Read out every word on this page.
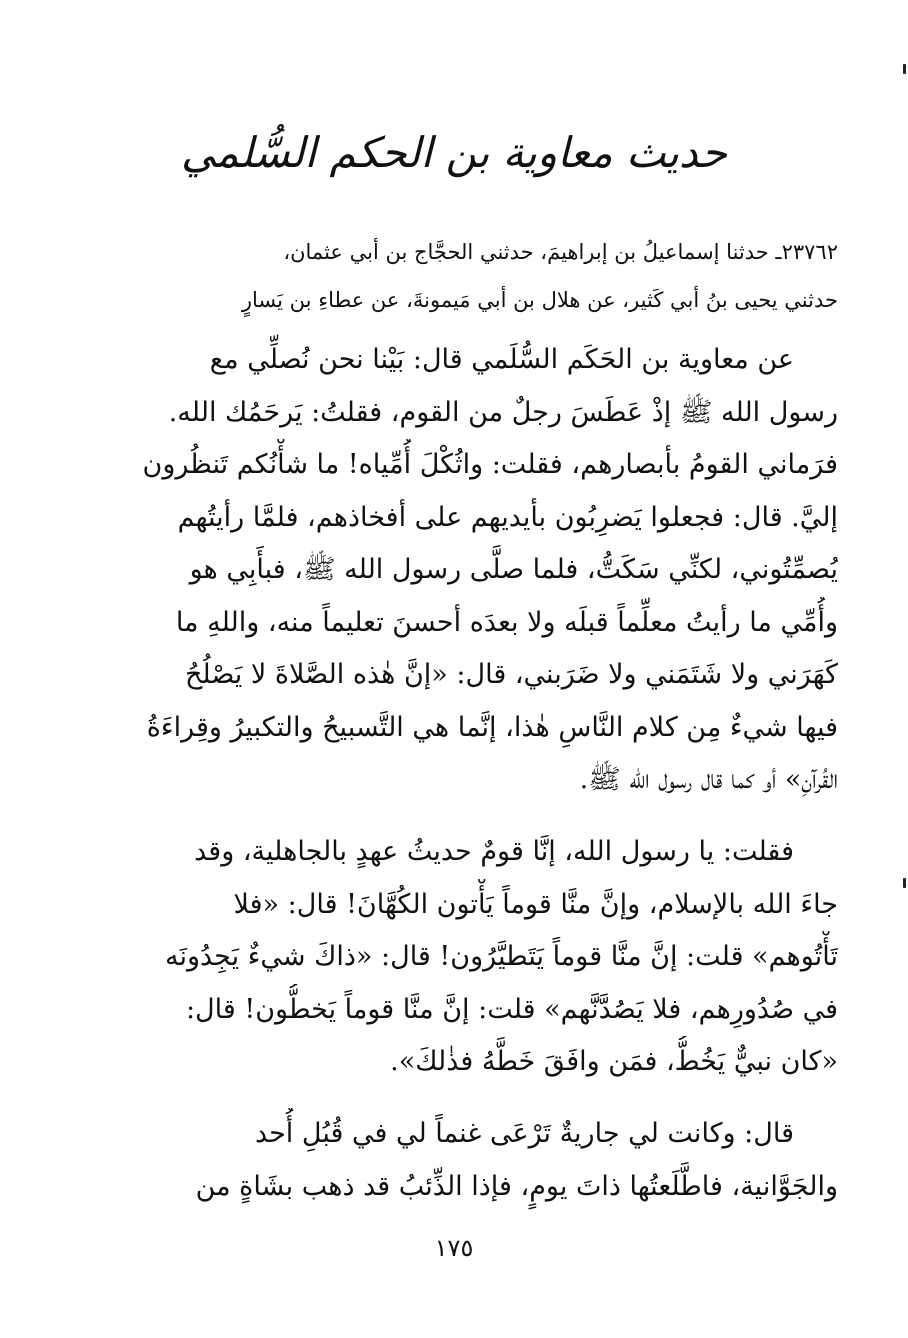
حديث معاوية بن الحكم السُّلمي
٢٣٧٦٢ـ حدثنا إسماعيلُ بن إبراهيمَ، حدثني الحجَّاج بن أبي عثمان،
حدثني يحيى بنُ أبي كَثير، عن هلال بن أبي مَيمونةَ، عن عطاءِ بن يَسارٍ
عن معاوية بن الحَكَم السُّلَمي قال: بَيْنا نحن نُصلِّي مع
رسول الله ﷺ إذْ عَطَسَ رجلٌ من القوم، فقلتُ: يَرحَمُك الله.
فرَماني القومُ بأبصارهم، فقلت: واثُكْلَ أُمِّياه! ما شأْنُكم تَنظُرون
إليَّ. قال: فجعلوا يَضرِبُون بأيديهم على أفخاذهم، فلمَّا رأيتُهم
يُصمِّتُوني، لكنِّي سَكَتُّ، فلما صلَّى رسول الله ﷺ، فبأَبِي هو
وأُمِّي ما رأيتُ معلِّماً قبلَه ولا بعدَه أحسنَ تعليماً منه، واللهِ ما
كَهَرَني ولا شَتَمَني ولا ضَرَبني، قال: «إنَّ هٰذه الصَّلاةَ لا يَصْلُحُ
فيها شيءٌ مِن كلام النَّاسِ هٰذا، إنَّما هي التَّسبيحُ والتكبيرُ وقِراءَةُ
القُرآنِ» أو كما قال رسول الله ﷺ.
فقلت: يا رسول الله، إنَّا قومٌ حديثُ عهدٍ بالجاهلية، وقد
جاءَ الله بالإسلام، وإنَّ منَّا قوماً يَأْتون الكُهَّانَ! قال: «فلا
تَأْتُوهم» قلت: إنَّ منَّا قوماً يَتَطيَّرُون! قال: «ذاكَ شيءٌ يَجِدُونَه
في صُدُورِهم، فلا يَصُدَّنَّهم» قلت: إنَّ منَّا قوماً يَخطُّون! قال:
«كان نبيٌّ يَخُطُّ، فمَن وافَقَ خَطَّهُ فذٰلكَ».
قال: وكانت لي جاريةٌ تَرْعَى غنماً لي في قُبُلِ أُحد
والجَوَّانية، فاطَّلَعتُها ذاتَ يومٍ، فإذا الذِّئبُ قد ذهب بشَاةٍ من
١٧٥
